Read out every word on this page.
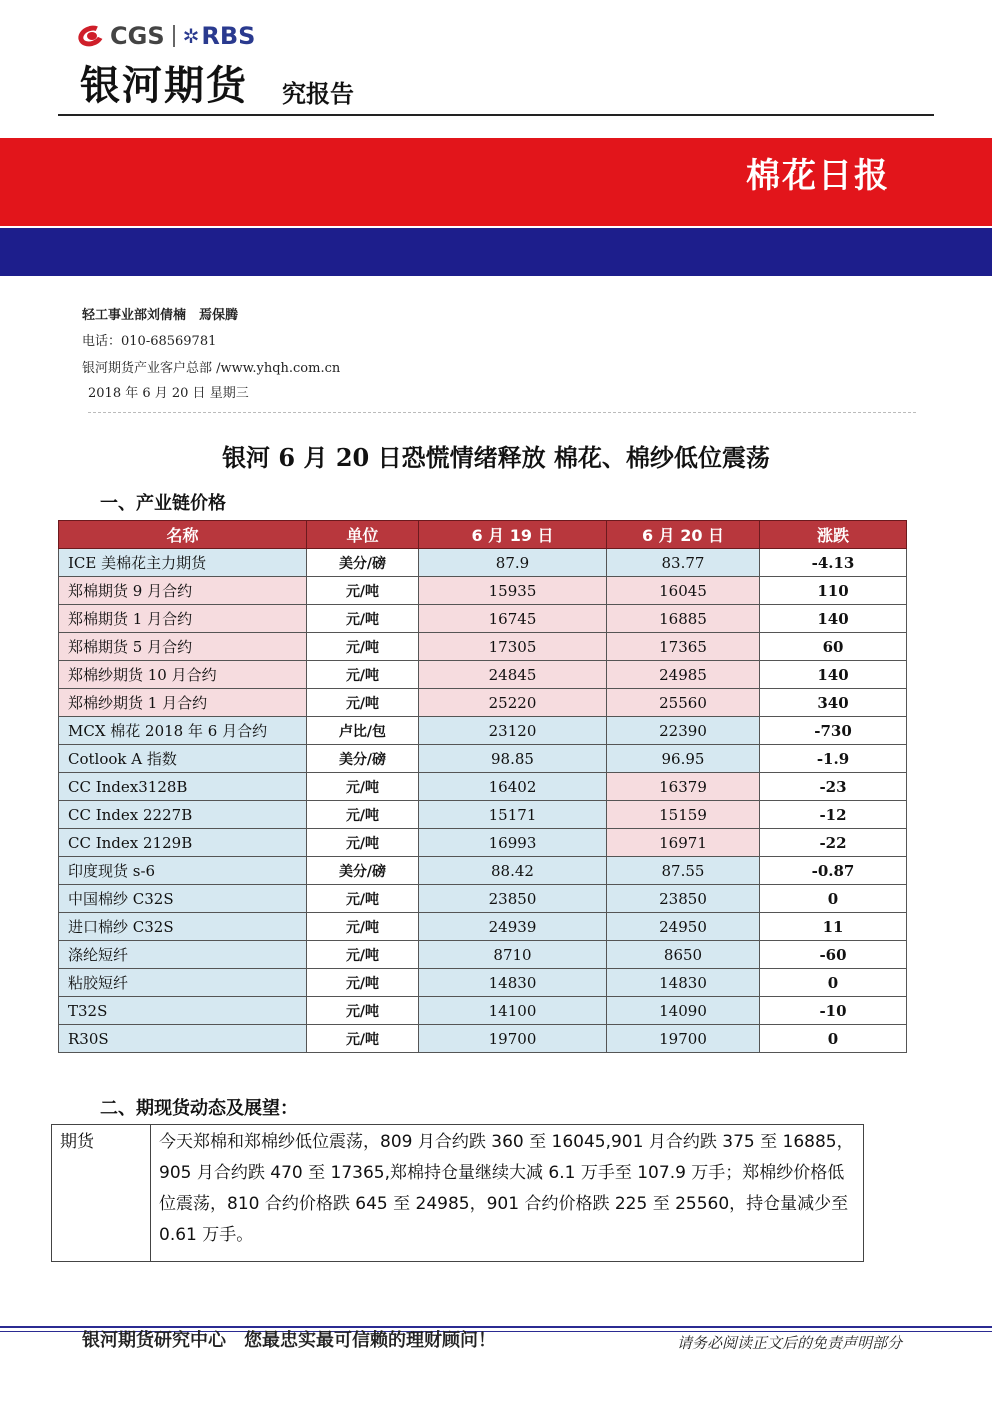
CGS ✲ RBS
银河期货 究报告
棉花日报
轻工事业部刘倩楠　焉保腾
电话：010-68569781
银河期货产业客户总部 /www.yhqh.com.cn
2018 年 6 月 20 日 星期三
银河 6 月 20 日恐慌情绪释放 棉花、棉纱低位震荡
一、产业链价格
名称	单位	6 月 19 日	6 月 20 日	涨跌
ICE 美棉花主力期货	美分/磅	87.9	83.77	-4.13
郑棉期货 9 月合约	元/吨	15935	16045	110
郑棉期货 1 月合约	元/吨	16745	16885	140
郑棉期货 5 月合约	元/吨	17305	17365	60
郑棉纱期货 10 月合约	元/吨	24845	24985	140
郑棉纱期货 1 月合约	元/吨	25220	25560	340
MCX 棉花 2018 年 6 月合约	卢比/包	23120	22390	-730
Cotlook A 指数	美分/磅	98.85	96.95	-1.9
CC Index3128B	元/吨	16402	16379	-23
CC Index 2227B	元/吨	15171	15159	-12
CC Index 2129B	元/吨	16993	16971	-22
印度现货 s-6	美分/磅	88.42	87.55	-0.87
中国棉纱 C32S	元/吨	23850	23850	0
进口棉纱 C32S	元/吨	24939	24950	11
涤纶短纤	元/吨	8710	8650	-60
粘胶短纤	元/吨	14830	14830	0
T32S	元/吨	14100	14090	-10
R30S	元/吨	19700	19700	0
二、期现货动态及展望：
期货	今天郑棉和郑棉纱低位震荡，809 月合约跌 360 至 16045,901 月合约跌 375 至 16885，905 月合约跌 470 至 17365,郑棉持仓量继续大减 6.1 万手至 107.9 万手；郑棉纱价格低位震荡，810 合约价格跌 645 至 24985，901 合约价格跌 225 至 25560，持仓量减少至 0.61 万手。
银河期货研究中心　您最忠实最可信赖的理财顾问！	请务必阅读正文后的免责声明部分
